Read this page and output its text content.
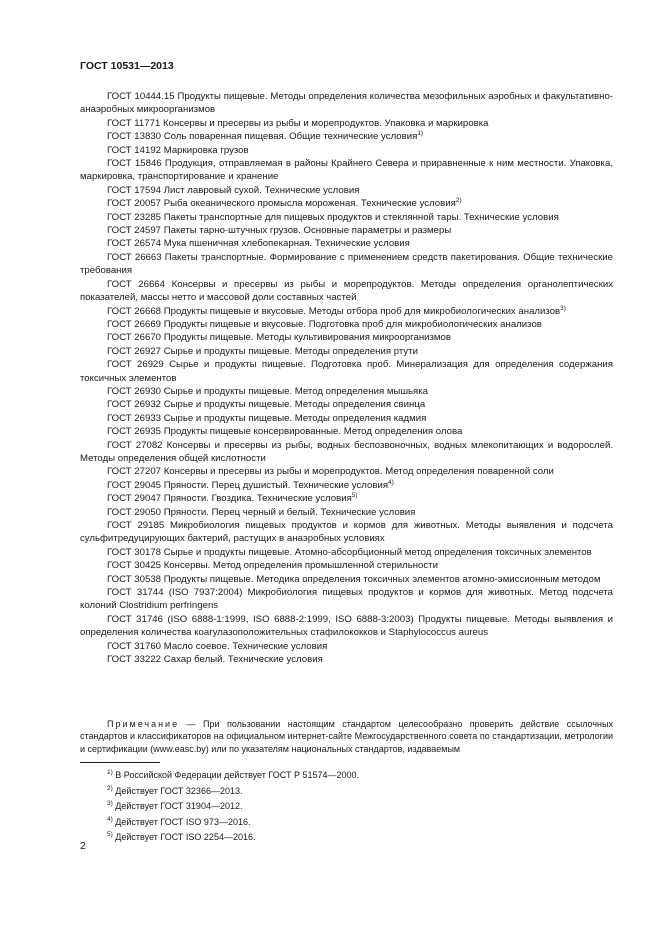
ГОСТ 10531—2013

ГОСТ 10444.15 Продукты пищевые. Методы определения количества мезофильных аэробных и факультативно-анаэробных микроорганизмов

ГОСТ 11771 Консервы и пресервы из рыбы и морепродуктов. Упаковка и маркировка

ГОСТ 13830 Соль поваренная пищевая. Общие технические условия$^{1)}$

ГОСТ 14192 Маркировка грузов

ГОСТ 15846 Продукция, отправляемая в районы Крайнего Севера и приравненные к ним местности. Упаковка, маркировка, транспортирование и хранение

ГОСТ 17594 Лист лавровый сухой. Технические условия

ГОСТ 20057 Рыба океанического промысла мороженая. Технические условия$^{2)}$

ГОСТ 23285 Пакеты транспортные для пищевых продуктов и стеклянной тары. Технические условия

ГОСТ 24597 Пакеты тарно-штучных грузов. Основные параметры и размеры

ГОСТ 26574 Мука пшеничная хлебопекарная. Технические условия

ГОСТ 26663 Пакеты транспортные. Формирование с применением средств пакетирования. Общие технические требования

ГОСТ 26664 Консервы и пресервы из рыбы и морепродуктов. Методы определения органолептических показателей, массы нетто и массовой доли составных частей

ГОСТ 26668 Продукты пищевые и вкусовые. Методы отбора проб для микробиологических анализов$^{3)}$

ГОСТ 26669 Продукты пищевые и вкусовые. Подготовка проб для микробиологических анализов

ГОСТ 26670 Продукты пищевые. Методы культивирования микроорганизмов

ГОСТ 26927 Сырье и продукты пищевые. Методы определения ртути

ГОСТ 26929 Сырье и продукты пищевые. Подготовка проб. Минерализация для определения содержания токсичных элементов

ГОСТ 26930 Сырье и продукты пищевые. Метод определения мышьяка

ГОСТ 26932 Сырье и продукты пищевые. Методы определения свинца

ГОСТ 26933 Сырье и продукты пищевые. Методы определения кадмия

ГОСТ 26935 Продукты пищевые консервированные. Метод определения олова

ГОСТ 27082 Консервы и пресервы из рыбы, водных беспозвоночных, водных млекопитающих и водорослей. Методы определения общей кислотности

ГОСТ 27207 Консервы и пресервы из рыбы и морепродуктов. Метод определения поваренной соли

ГОСТ 29045 Пряности. Перец душистый. Технические условия$^{4)}$

ГОСТ 29047 Пряности. Гвоздика. Технические условия$^{5)}$

ГОСТ 29050 Пряности. Перец черный и белый. Технические условия

ГОСТ 29185 Микробиология пищевых продуктов и кормов для животных. Методы выявления и подсчета сульфитредуцирующих бактерий, растущих в анаэробных условиях

ГОСТ 30178 Сырье и продукты пищевые. Атомно-абсорбционный метод определения токсичных элементов

ГОСТ 30425 Консервы. Метод определения промышленной стерильности

ГОСТ 30538 Продукты пищевые. Методика определения токсичных элементов атомно-эмиссионным методом

ГОСТ 31744 (ISO 7937:2004) Микробиология пищевых продуктов и кормов для животных. Метод подсчета колоний Clostridium perfringens

ГОСТ 31746 (ISO 6888-1:1999, ISO 6888-2:1999, ISO 6888-3:2003) Продукты пищевые. Методы выявления и определения количества коагулазоположительных стафилококков и Staphylococcus aureus

ГОСТ 31760 Масло соевое. Технические условия

ГОСТ 33222 Сахар белый. Технические условия

Примечание — При пользовании настоящим стандартом целесообразно проверить действие ссылочных стандартов и классификаторов на официальном интернет-сайте Межгосударственного совета по стандартизации, метрологии и сертификации (www.easc.by) или по указателям национальных стандартов, издаваемым

$^{1)}$ В Российской Федерации действует ГОСТ Р 51574—2000.
$^{2)}$ Действует ГОСТ 32366—2013.
$^{3)}$ Действует ГОСТ 31904—2012.
$^{4)}$ Действует ГОСТ ISO 973—2016.
$^{5)}$ Действует ГОСТ ISO 2254—2016.
2
